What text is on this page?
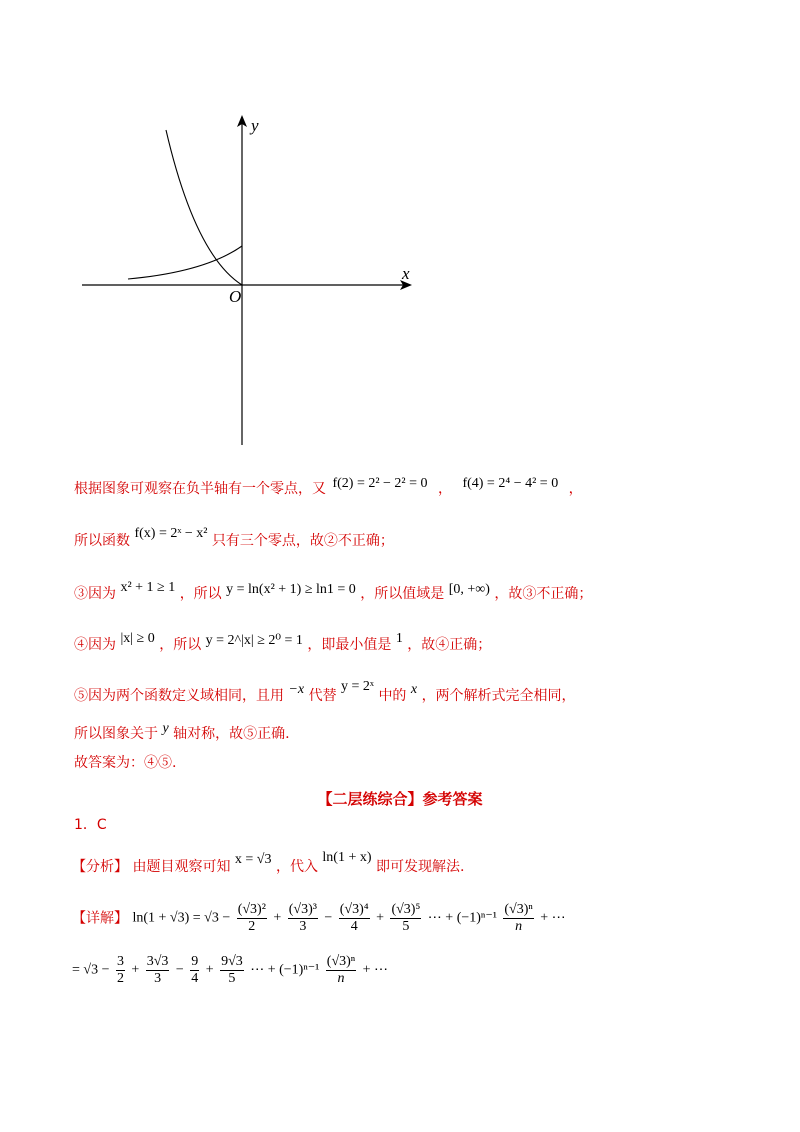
y
x
O
根据图象可观察在负半轴有一个零点，又 f(2) = 2² − 2² = 0 ， f(4) = 2⁴ − 4² = 0 ，
所以函数 f(x) = 2ˣ − x² 只有三个零点，故②不正确；
③因为 x² + 1 ≥ 1 ，所以 y = ln(x² + 1) ≥ ln1 = 0 ，所以值域是 [0, +∞) ，故③不正确；
④因为 |x| ≥ 0 ，所以 y = 2^|x| ≥ 2⁰ = 1 ，即最小值是 1 ，故④正确；
⑤因为两个函数定义域相同，且用 −x 代替 y = 2ˣ 中的 x ，两个解析式完全相同，
所以图象关于 y 轴对称，故⑤正确.
故答案为：④⑤.
【二层练综合】参考答案
1．C
【分析】 由题目观察可知 x = √3 ，代入 ln(1 + x) 即可发现解法.
【详解】 $\ln(1 + √3) = √3 - \frac{\text{(√3)²}}{2} + \frac{\text{(√3)³}}{3} - \frac{\text{(√3)⁴}}{4} + \frac{\text{(√3)⁵}}{5}$ ⋯ + $(-1)^{n-1} \frac{\text{(√3)ⁿ}}{n}$ + ⋯
= $√3 - \frac{3}{2} + \frac{3√3}{3} - \frac{9}{4} + \frac{9√3}{5}$ ⋯ + $(-1)^{n-1} \frac{\text{(√3)ⁿ}}{n}$ + ⋯
